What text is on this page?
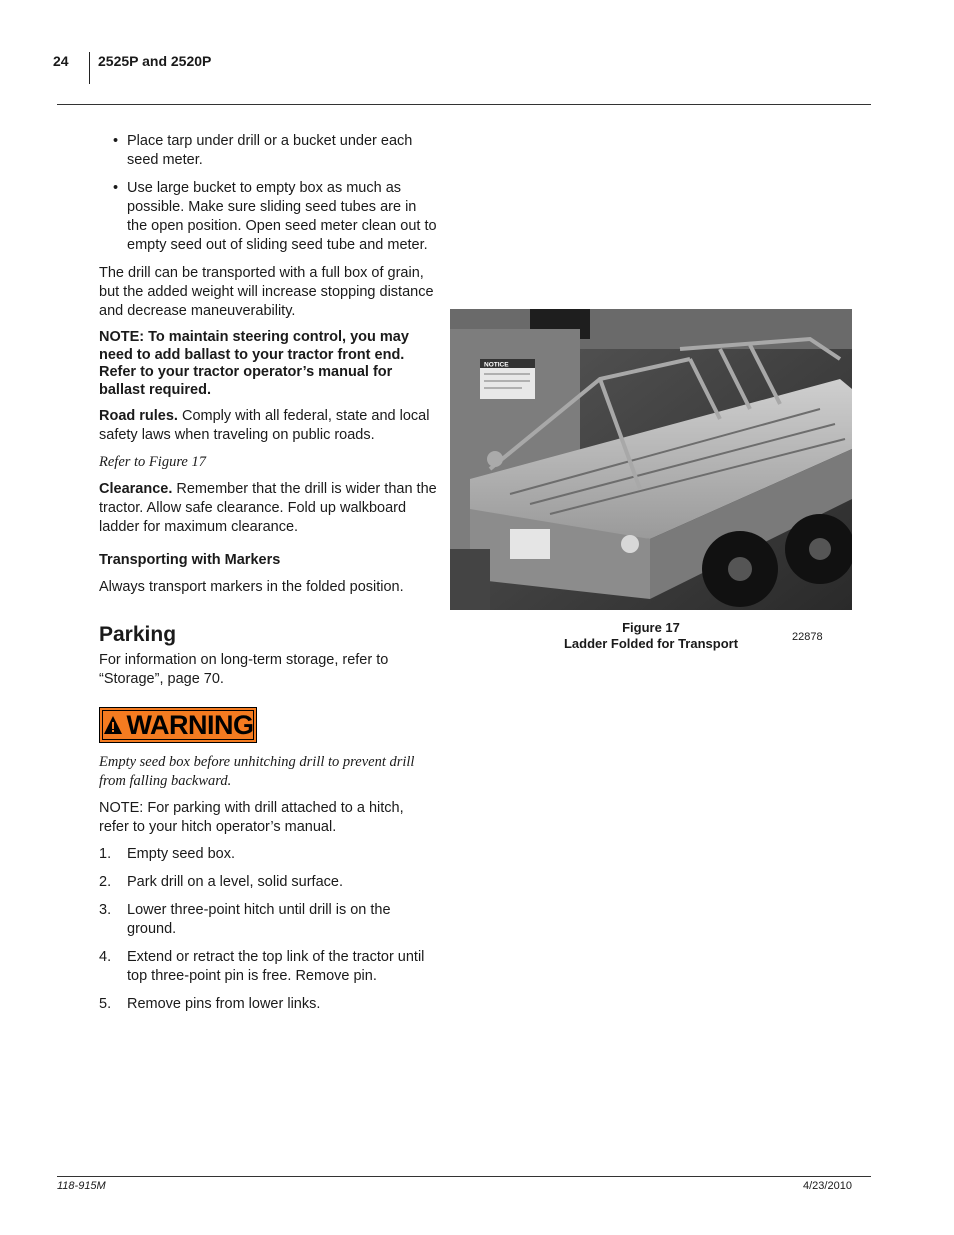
24 2525P and 2520P
• Place tarp under drill or a bucket under each seed meter.
• Use large bucket to empty box as much as possible. Make sure sliding seed tubes are in the open position. Open seed meter clean out to empty seed out of sliding seed tube and meter.

The drill can be transported with a full box of grain, but the added weight will increase stopping distance and decrease maneuverability.

NOTE: To maintain steering control, you may need to add ballast to your tractor front end. Refer to your tractor operator’s manual for ballast required.

Road rules. Comply with all federal, state and local safety laws when traveling on public roads.

Refer to Figure 17

Clearance. Remember that the drill is wider than the tractor. Allow safe clearance. Fold up walkboard ladder for maximum clearance.

Transporting with Markers

Always transport markers in the folded position.

Parking

For information on long-term storage, refer to “Storage”, page 70.

WARNING

Empty seed box before unhitching drill to prevent drill from falling backward.

NOTE: For parking with drill attached to a hitch, refer to your hitch operator’s manual.

1.	Empty seed box.
2.	Park drill on a level, solid surface.
3.	Lower three-point hitch until drill is on the ground.
4.	Extend or retract the top link of the tractor until top three-point pin is free. Remove pin.
5.	Remove pins from lower links.
NOTICE
Figure 17
Ladder Folded for Transport	22878
118-915M	4/23/2010
